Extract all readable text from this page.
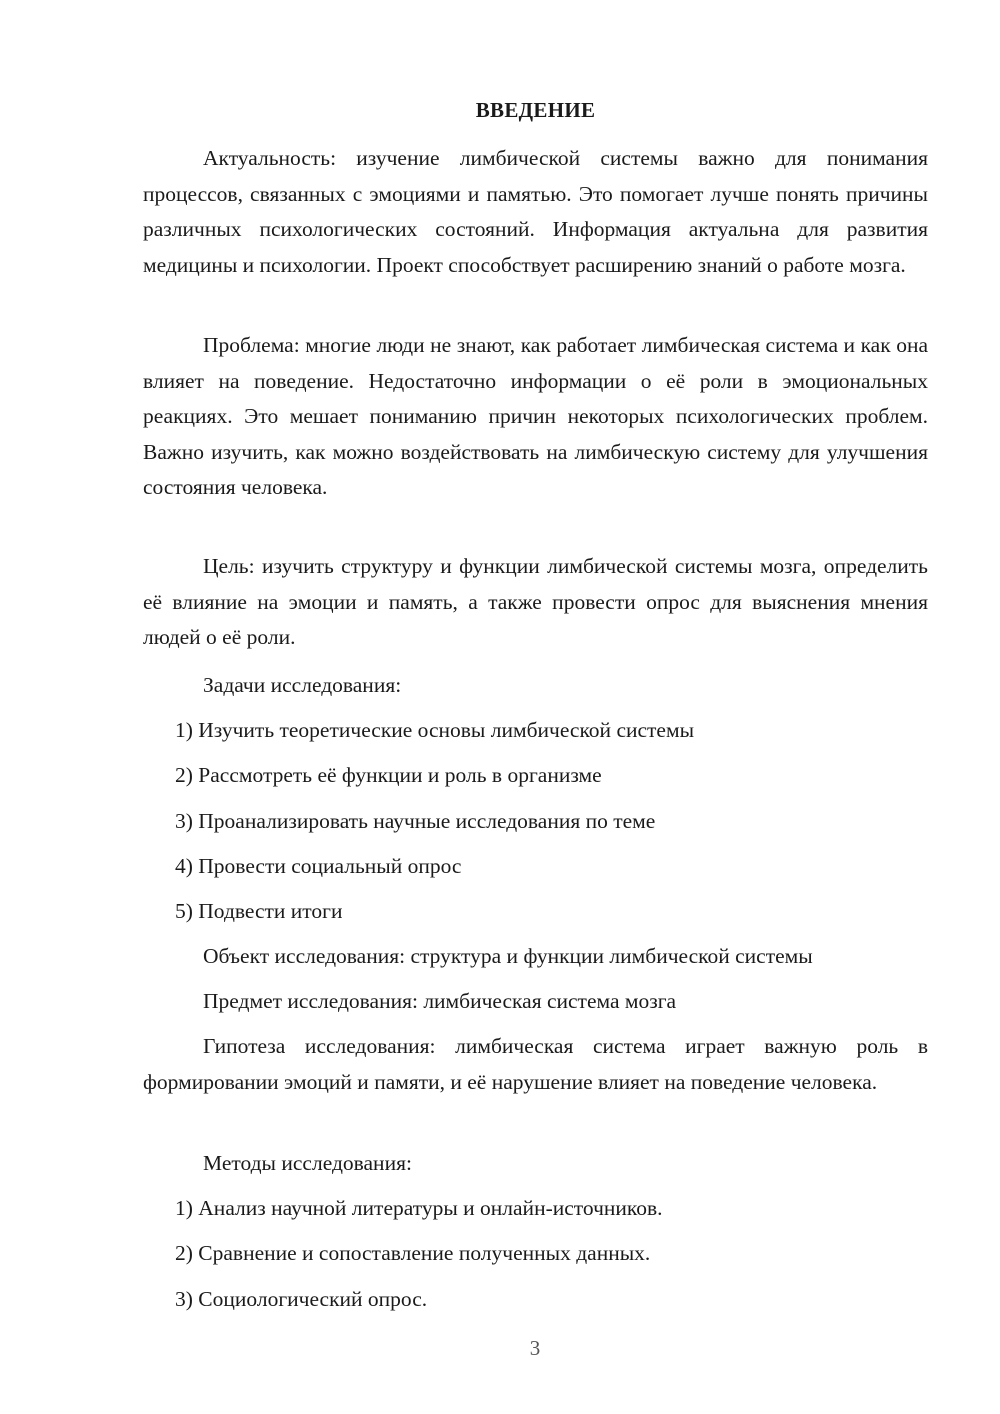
ВВЕДЕНИЕ

Актуальность: изучение лимбической системы важно для понимания процессов, связанных с эмоциями и памятью. Это помогает лучше понять причины различных психологических состояний. Информация актуальна для развития медицины и психологии. Проект способствует расширению знаний о работе мозга.

Проблема: многие люди не знают, как работает лимбическая система и как она влияет на поведение. Недостаточно информации о её роли в эмоциональных реакциях. Это мешает пониманию причин некоторых психологических проблем. Важно изучить, как можно воздействовать на лимбическую систему для улучшения состояния человека.

Цель: изучить структуру и функции лимбической системы мозга, определить её влияние на эмоции и память, а также провести опрос для выяснения мнения людей о её роли.

Задачи исследования:
1) Изучить теоретические основы лимбической системы
2) Рассмотреть её функции и роль в организме
3) Проанализировать научные исследования по теме
4) Провести социальный опрос
5) Подвести итоги
Объект исследования: структура и функции лимбической системы
Предмет исследования: лимбическая система мозга

Гипотеза исследования: лимбическая система играет важную роль в формировании эмоций и памяти, и её нарушение влияет на поведение человека.

Методы исследования:
1) Анализ научной литературы и онлайн-источников.
2) Сравнение и сопоставление полученных данных.
3) Социологический опрос.
3
